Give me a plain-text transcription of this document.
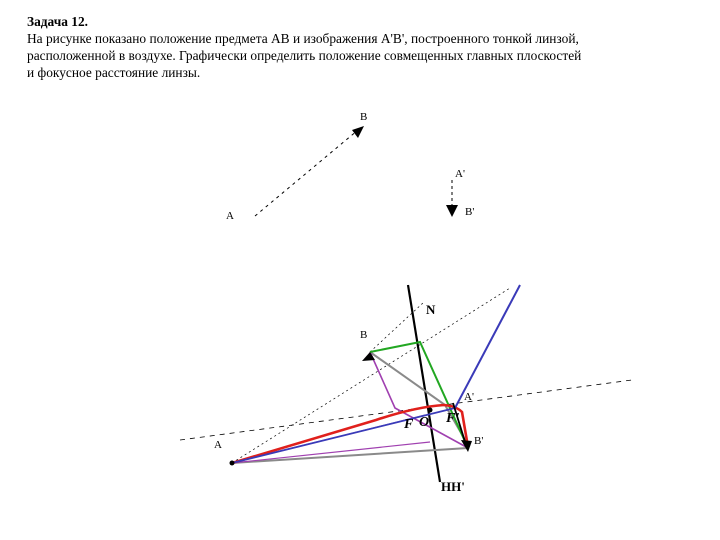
Задача 12.
На рисунке показано положение предмета AB и изображения A'B', построенного тонкой линзой,
расположенной в воздухе. Графически определить положение совмещенных главных плоскостей
и фокусное расстояние линзы.
B
A
A'
B'
N
B
A
A'
B'
F O F'
HH'
